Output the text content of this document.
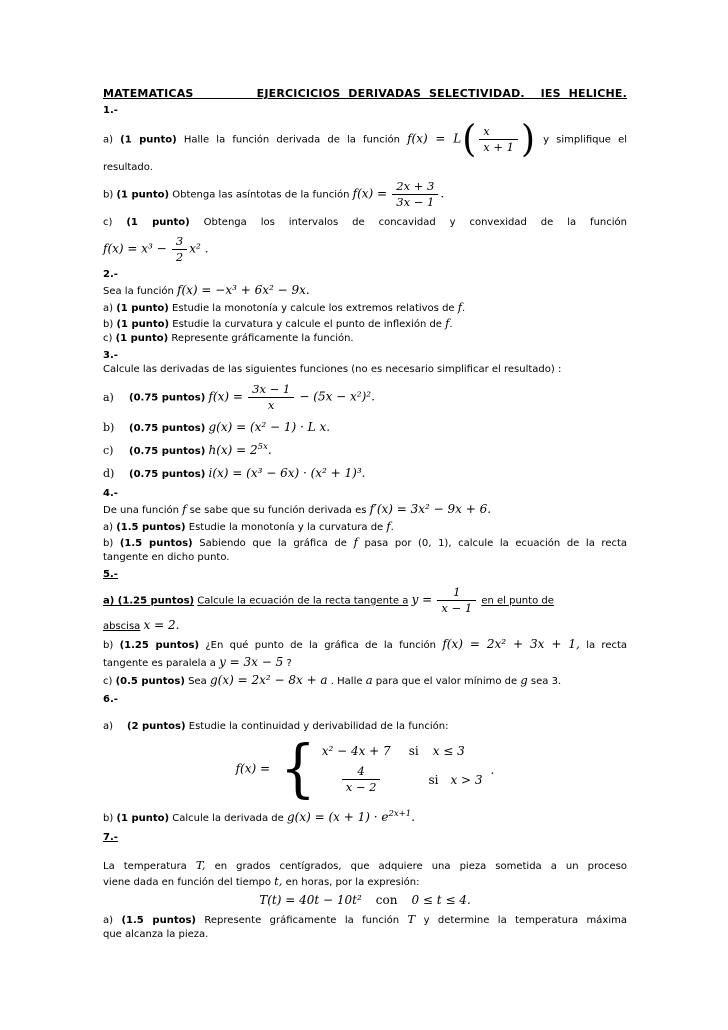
MATEMATICAS        EJERCICICIOS DERIVADAS SELECTIVIDAD.  IES HELICHE.
1.-
a) (1 punto) Halle la función derivada de la función $f(x) = L( \frac{x}{x + 1}$ ) y simplifique el
resultado.
b) (1 punto) Obtenga las asíntotas de la función $f(x) = \frac{2x + 3}{3x - 1}$ .
c) (1 punto) Obtenga los intervalos de concavidad y convexidad de la función
$f(x) = x^3 - \frac{3}{2} x^2$ .
2.-
Sea la función f(x) = −x³ + 6x² − 9x.
a) (1 punto) Estudie la monotonía y calcule los extremos relativos de f.
b) (1 punto) Estudie la curvatura y calcule el punto de inflexión de f.
c) (1 punto) Represente gráficamente la función.
3.-
Calcule las derivadas de las siguientes funciones (no es necesario simplificar el resultado) :
a) (0.75 puntos) $f(x) = \frac{3x - 1}{x} - (5x - x^2)^2$.
b) (0.75 puntos) g(x) = (x² − 1) · L x.
c) (0.75 puntos) $h(x) = 2^{5x}$.
d) (0.75 puntos) i(x) = (x³ − 6x) · (x² + 1)³.
4.-
De una función f se sabe que su función derivada es f′(x) = 3x² − 9x + 6.
a) (1.5 puntos) Estudie la monotonía y la curvatura de f.
b) (1.5 puntos) Sabiendo que la gráfica de f pasa por (0, 1), calcule la ecuación de la recta
tangente en dicho punto.
5.-
a) (1.25 puntos) Calcule la ecuación de la recta tangente a $y = \frac{1}{x - 1}$ en el punto de
abscisa x = 2.
b) (1.25 puntos) ¿En qué punto de la gráfica de la función f(x) = 2x² + 3x + 1, la recta
tangente es paralela a y = 3x − 5 ?
c) (0.5 puntos) Sea g(x) = 2x² − 8x + a . Halle a para que el valor mínimo de g sea 3.
6.-
a) (2 puntos) Estudie la continuidad y derivabilidad de la función:
f(x) = { x² − 4x + 7 si x ≤ 3
$\frac{4}{x - 2}$	si x > 3
.
b) (1 punto) Calcule la derivada de $g(x) = (x + 1) \cdot e^{2x+1}$.
7.-
La temperatura T, en grados centígrados, que adquiere una pieza sometida a un proceso
viene dada en función del tiempo t, en horas, por la expresión:
T(t) = 40t − 10t² con 0 ≤ t ≤ 4.
a) (1.5 puntos) Represente gráficamente la función T y determine la temperatura máxima
que alcanza la pieza.
